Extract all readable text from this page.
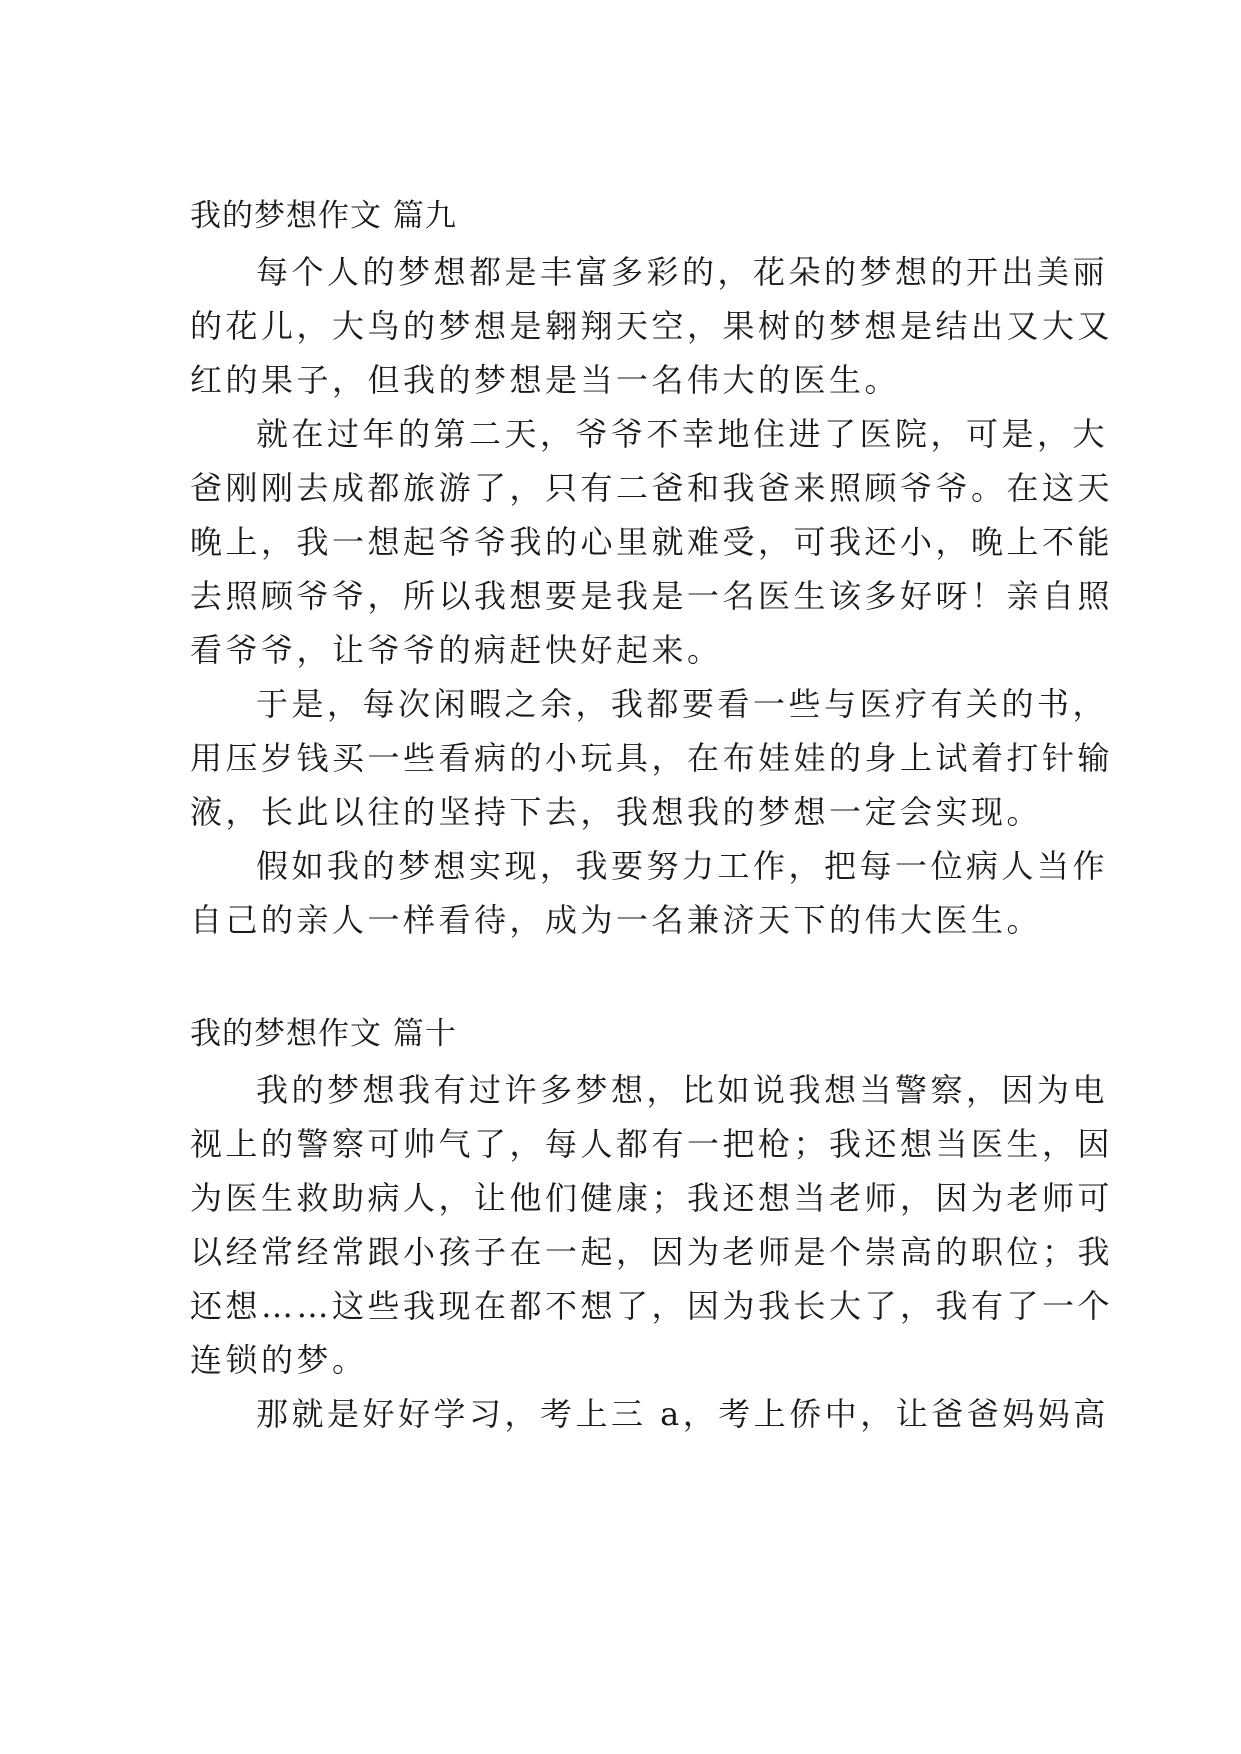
我的梦想作文 篇九

每个人的梦想都是丰富多彩的，花朵的梦想的开出美丽

的花儿，大鸟的梦想是翱翔天空，果树的梦想是结出又大又

红的果子，但我的梦想是当一名伟大的医生。

就在过年的第二天，爷爷不幸地住进了医院，可是，大

爸刚刚去成都旅游了，只有二爸和我爸来照顾爷爷。在这天

晚上，我一想起爷爷我的心里就难受，可我还小，晚上不能

去照顾爷爷，所以我想要是我是一名医生该多好呀！亲自照

看爷爷，让爷爷的病赶快好起来。

于是，每次闲暇之余，我都要看一些与医疗有关的书，

用压岁钱买一些看病的小玩具，在布娃娃的身上试着打针输

液，长此以往的坚持下去，我想我的梦想一定会实现。

假如我的梦想实现，我要努力工作，把每一位病人当作

自己的亲人一样看待，成为一名兼济天下的伟大医生。

我的梦想作文 篇十

我的梦想我有过许多梦想，比如说我想当警察，因为电

视上的警察可帅气了，每人都有一把枪；我还想当医生，因

为医生救助病人，让他们健康；我还想当老师，因为老师可

以经常经常跟小孩子在一起，因为老师是个崇高的职位；我

还想……这些我现在都不想了，因为我长大了，我有了一个

连锁的梦。

那就是好好学习，考上三 a，考上侨中，让爸爸妈妈高
